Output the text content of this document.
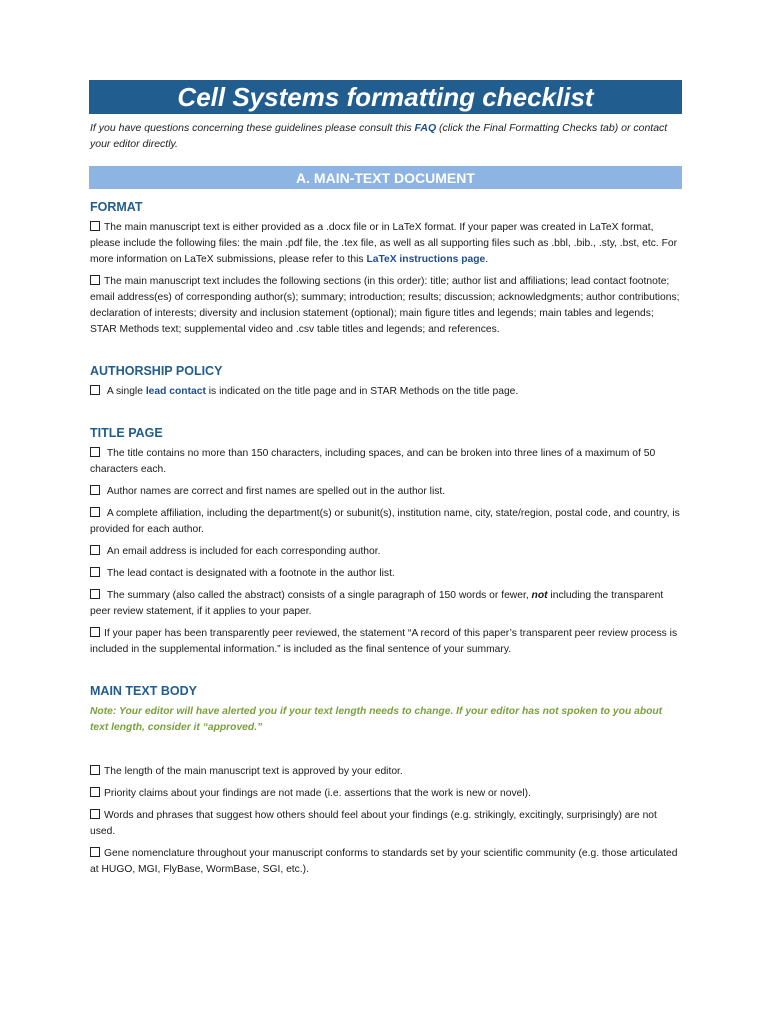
Cell Systems formatting checklist
If you have questions concerning these guidelines please consult this FAQ (click the Final Formatting Checks tab) or contact your editor directly.
A. MAIN-TEXT DOCUMENT
FORMAT

The main manuscript text is either provided as a .docx file or in LaTeX format. If your paper was created in LaTeX format, please include the following files: the main .pdf file, the .tex file, as well as all supporting files such as .bbl, .bib., .sty, .bst, etc. For more information on LaTeX submissions, please refer to this LaTeX instructions page.

The main manuscript text includes the following sections (in this order): title; author list and affiliations; lead contact footnote; email address(es) of corresponding author(s); summary; introduction; results; discussion; acknowledgments; author contributions; declaration of interests; diversity and inclusion statement (optional); main figure titles and legends; main tables and legends; STAR Methods text; supplemental video and .csv table titles and legends; and references.

AUTHORSHIP POLICY

A single lead contact is indicated on the title page and in STAR Methods on the title page.

TITLE PAGE

The title contains no more than 150 characters, including spaces, and can be broken into three lines of a maximum of 50 characters each.

Author names are correct and first names are spelled out in the author list.

A complete affiliation, including the department(s) or subunit(s), institution name, city, state/region, postal code, and country, is provided for each author.

An email address is included for each corresponding author.

The lead contact is designated with a footnote in the author list.

The summary (also called the abstract) consists of a single paragraph of 150 words or fewer, not including the transparent peer review statement, if it applies to your paper.

If your paper has been transparently peer reviewed, the statement “A record of this paper’s transparent peer review process is included in the supplemental information.” is included as the final sentence of your summary.

MAIN TEXT BODY

Note: Your editor will have alerted you if your text length needs to change. If your editor has not spoken to you about text length, consider it “approved.”

The length of the main manuscript text is approved by your editor.

Priority claims about your findings are not made (i.e. assertions that the work is new or novel).

Words and phrases that suggest how others should feel about your findings (e.g. strikingly, excitingly, surprisingly) are not used.

Gene nomenclature throughout your manuscript conforms to standards set by your scientific community (e.g. those articulated at HUGO, MGI, FlyBase, WormBase, SGI, etc.).
